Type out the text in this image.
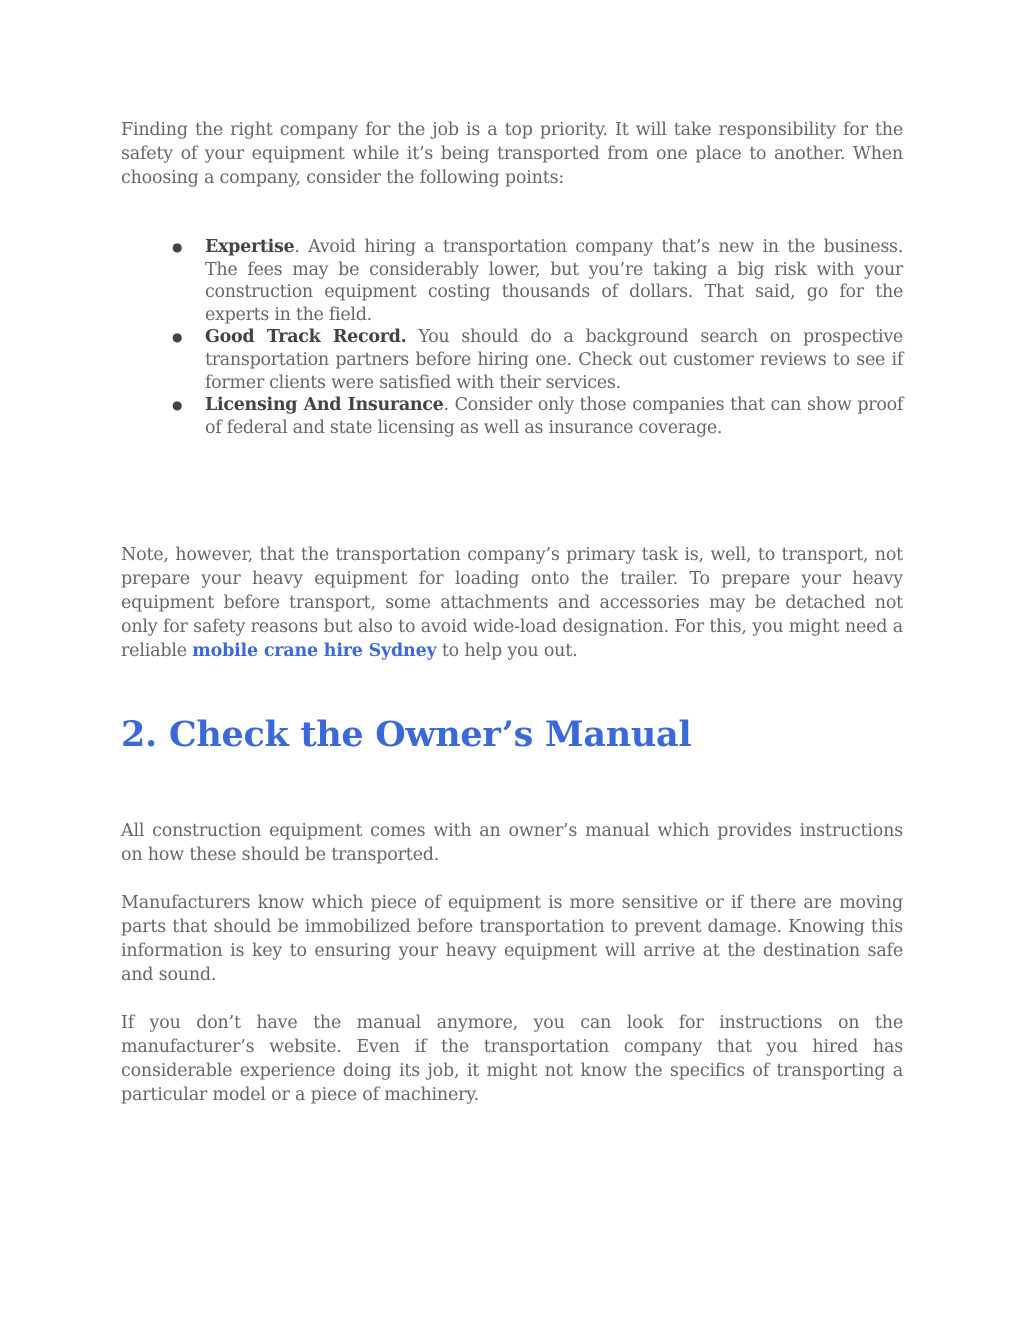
Finding the right company for the job is a top priority. It will take responsibility for the safety of your equipment while it’s being transported from one place to another. When choosing a company, consider the following points:

● Expertise. Avoid hiring a transportation company that’s new in the business. The fees may be considerably lower, but you’re taking a big risk with your construction equipment costing thousands of dollars. That said, go for the experts in the field.
● Good Track Record. You should do a background search on prospective transportation partners before hiring one. Check out customer reviews to see if former clients were satisfied with their services.
● Licensing And Insurance. Consider only those companies that can show proof of federal and state licensing as well as insurance coverage.

Note, however, that the transportation company’s primary task is, well, to transport, not prepare your heavy equipment for loading onto the trailer. To prepare your heavy equipment before transport, some attachments and accessories may be detached not only for safety reasons but also to avoid wide-load designation. For this, you might need a reliable mobile crane hire Sydney to help you out.

2. Check the Owner’s Manual

All construction equipment comes with an owner’s manual which provides instructions on how these should be transported.

Manufacturers know which piece of equipment is more sensitive or if there are moving parts that should be immobilized before transportation to prevent damage. Knowing this information is key to ensuring your heavy equipment will arrive at the destination safe and sound.

If you don’t have the manual anymore, you can look for instructions on the manufacturer’s website. Even if the transportation company that you hired has considerable experience doing its job, it might not know the specifics of transporting a particular model or a piece of machinery.
